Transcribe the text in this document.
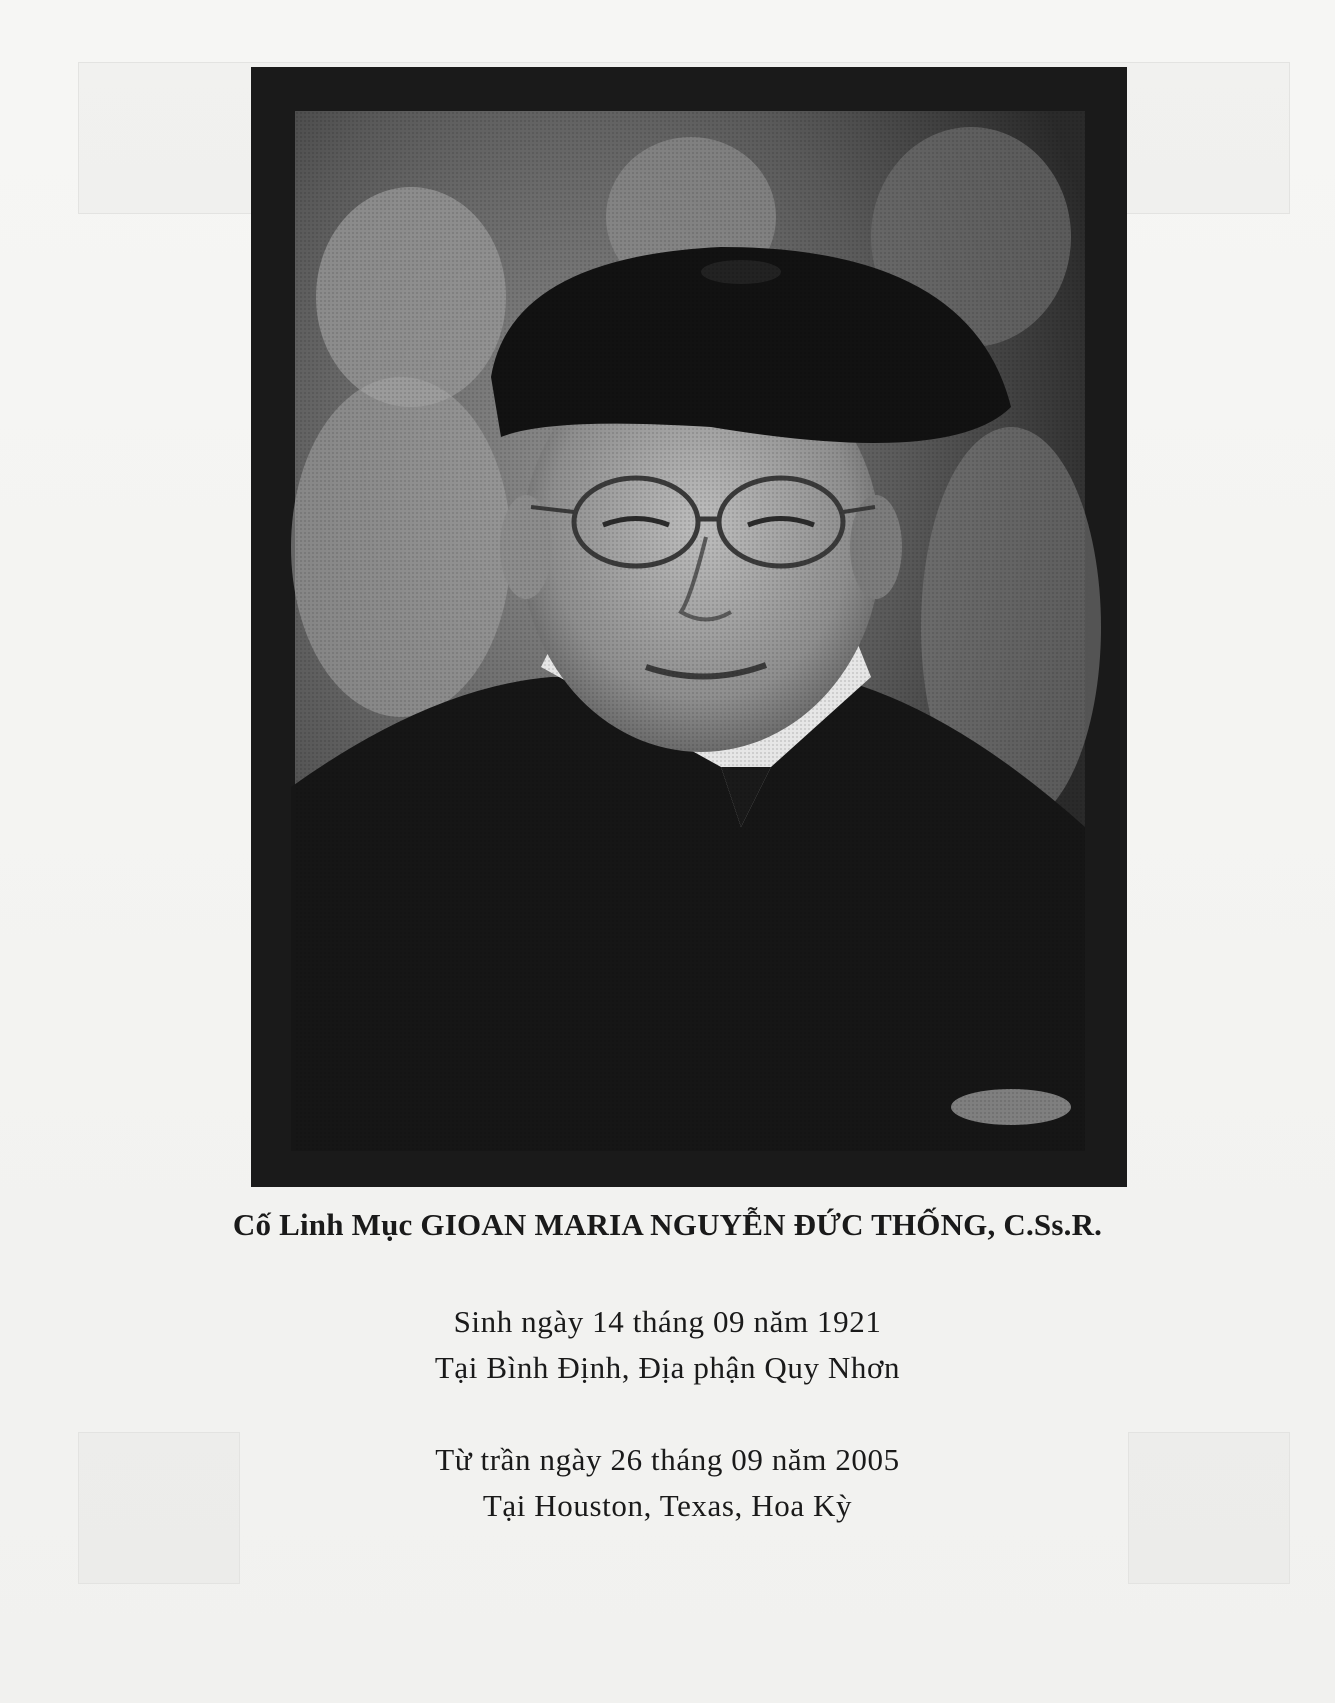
Cố Linh Mục GIOAN MARIA NGUYỄN ĐỨC THỐNG, C.Ss.R.
Sinh ngày 14 tháng 09 năm 1921
Tại Bình Định, Địa phận Quy Nhơn
Từ trần ngày 26 tháng 09 năm 2005
Tại Houston, Texas, Hoa Kỳ
